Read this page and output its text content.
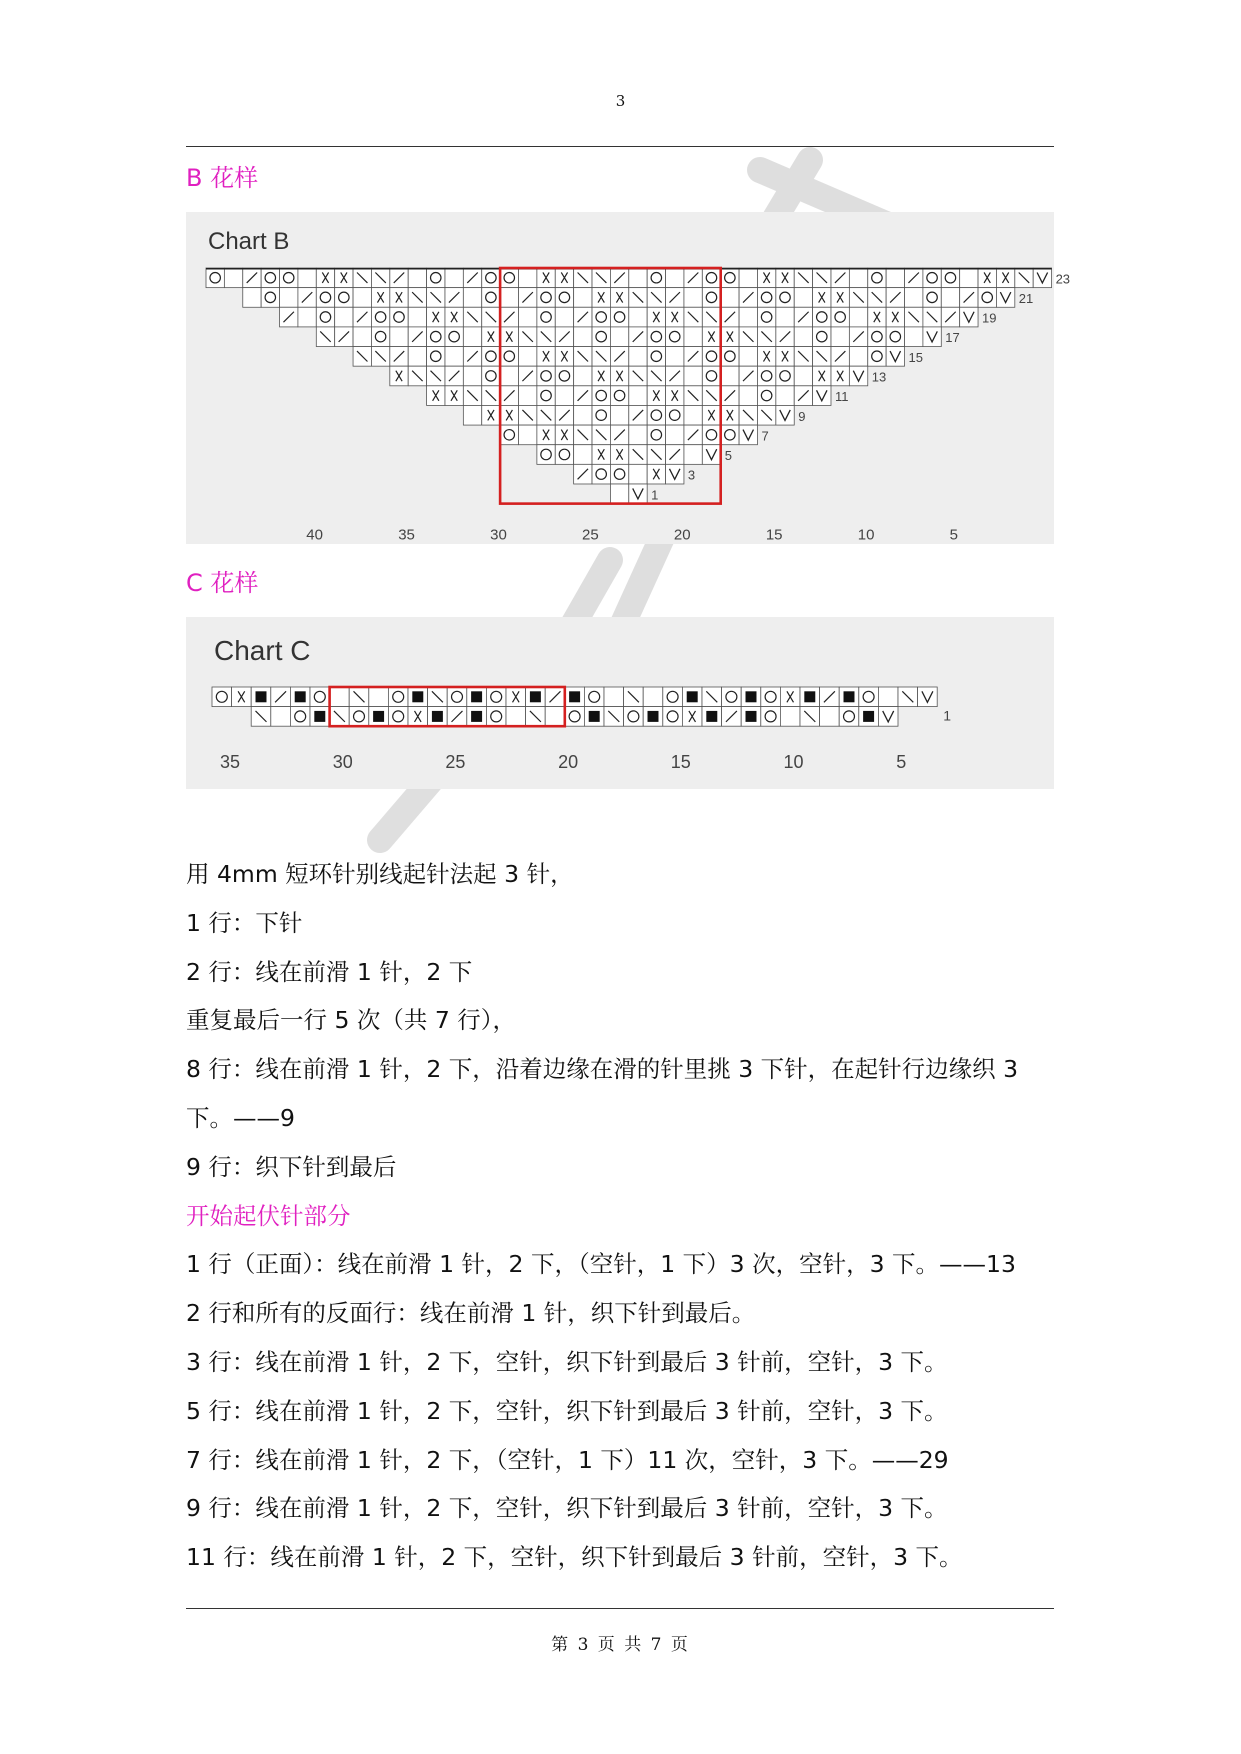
3
B 花样
Chart B
23
21
19
17
15
13
11
9
7
5
3
1
40	35	30	25	20	15	10	5
C 花样
Chart C
1
35	30	25	20	15	10	5
用 4mm 短环针别线起针法起 3 针，
1 行：下针
2 行：线在前滑 1 针，2 下
重复最后一行 5 次（共 7 行），
8 行：线在前滑 1 针，2 下，沿着边缘在滑的针里挑 3 下针，在起针行边缘织 3 下。——9
9 行：织下针到最后
开始起伏针部分
1 行（正面）：线在前滑 1 针，2 下，（空针，1 下）3 次，空针，3 下。——13
2 行和所有的反面行：线在前滑 1 针，织下针到最后。
3 行：线在前滑 1 针，2 下，空针，织下针到最后 3 针前，空针，3 下。
5 行：线在前滑 1 针，2 下，空针，织下针到最后 3 针前，空针，3 下。
7 行：线在前滑 1 针，2 下，（空针，1 下）11 次，空针，3 下。——29
9 行：线在前滑 1 针，2 下，空针，织下针到最后 3 针前，空针，3 下。
11 行：线在前滑 1 针，2 下，空针，织下针到最后 3 针前，空针，3 下。
第 3 页 共 7 页
